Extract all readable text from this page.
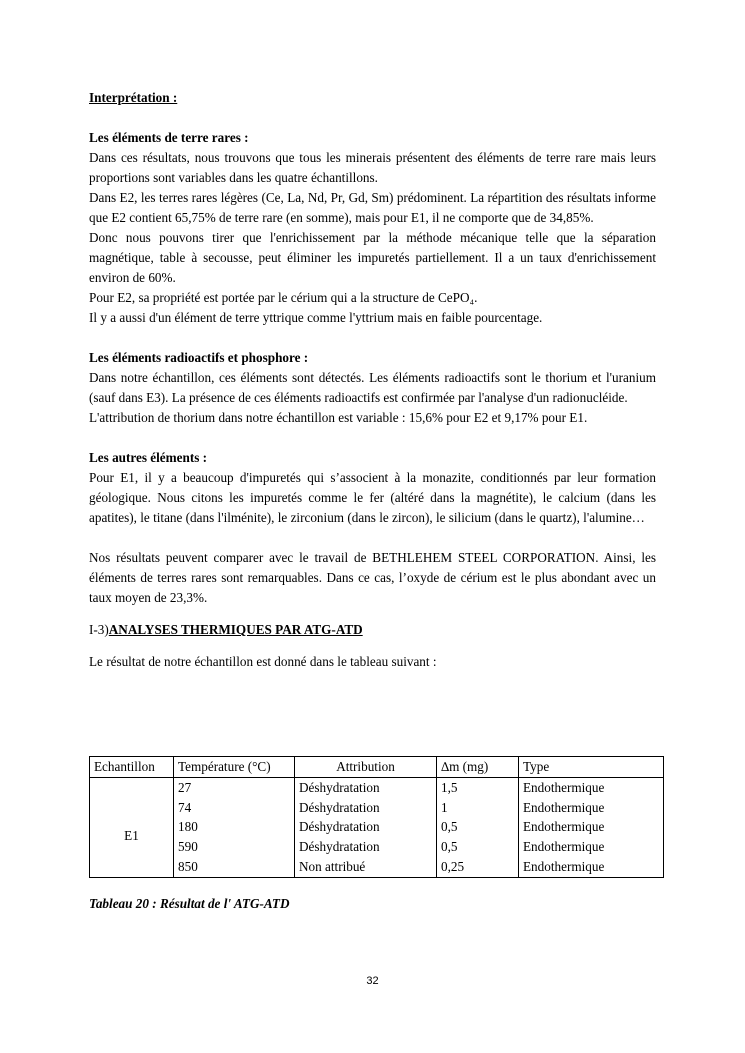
Interprétation :
Les éléments de terre rares :
Dans ces résultats, nous trouvons que tous les minerais présentent des éléments de terre rare mais leurs proportions sont variables dans les quatre échantillons.
Dans E2, les terres rares légères (Ce, La, Nd, Pr, Gd, Sm) prédominent. La répartition des résultats informe que E2 contient 65,75% de terre rare (en somme), mais pour E1, il ne comporte que de 34,85%.
Donc nous pouvons tirer que l'enrichissement par la méthode mécanique telle que la séparation magnétique, table à secousse, peut éliminer les impuretés partiellement. Il a un taux d'enrichissement environ de 60%.
Pour E2, sa propriété est portée par le cérium qui a la structure de CePO₄.
Il y a aussi d'un élément de terre yttrique comme l'yttrium mais en faible pourcentage.
Les éléments radioactifs et phosphore :
Dans notre échantillon, ces éléments sont détectés. Les éléments radioactifs sont le thorium et l'uranium (sauf dans E3). La présence de ces éléments radioactifs est confirmée par l'analyse d'un radionucléide.
L'attribution de thorium dans notre échantillon est variable : 15,6% pour E2 et 9,17% pour E1.
Les autres éléments :
Pour E1, il y a beaucoup d'impuretés qui s’associent à la monazite, conditionnés par leur formation géologique. Nous citons les impuretés comme le fer (altéré dans la magnétite), le calcium (dans les apatites), le titane (dans l'ilménite), le zirconium (dans le zircon), le silicium (dans le quartz), l'alumine…
Nos résultats peuvent comparer avec le travail de BETHLEHEM STEEL CORPORATION. Ainsi, les éléments de terres rares sont remarquables. Dans ce cas, l’oxyde de cérium est le plus abondant avec un taux moyen de 23,3%.
I-3)ANALYSES THERMIQUES PAR ATG-ATD
Le résultat de notre échantillon est donné dans le tableau suivant :
Echantillon	Température (°C)	Attribution	∆m (mg)	Type
E1	27	Déshydratation	1,5	Endothermique
	74	Déshydratation	1	Endothermique
	180	Déshydratation	0,5	Endothermique
	590	Déshydratation	0,5	Endothermique
	850	Non attribué	0,25	Endothermique
Tableau 20 : Résultat de l' ATG-ATD
32
